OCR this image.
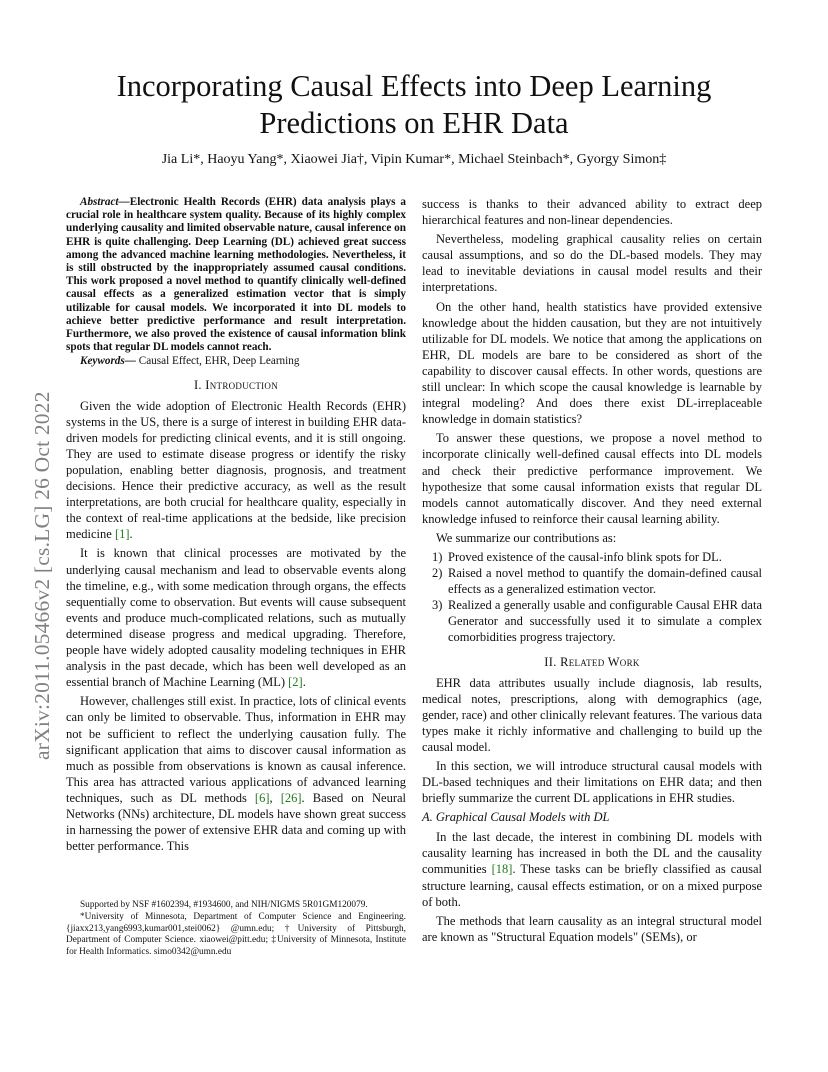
arXiv:2011.05466v2 [cs.LG] 26 Oct 2022
Incorporating Causal Effects into Deep Learning
Predictions on EHR Data
Jia Li*, Haoyu Yang*, Xiaowei Jia†, Vipin Kumar*, Michael Steinbach*, Gyorgy Simon‡

Abstract—Electronic Health Records (EHR) data analysis plays a crucial role in healthcare system quality. Because of its highly complex underlying causality and limited observable nature, causal inference on EHR is quite challenging. Deep Learning (DL) achieved great success among the advanced machine learning methodologies. Nevertheless, it is still obstructed by the inappropriately assumed causal conditions. This work proposed a novel method to quantify clinically well-defined causal effects as a generalized estimation vector that is simply utilizable for causal models. We incorporated it into DL models to achieve better predictive performance and result interpretation. Furthermore, we also proved the existence of causal information blink spots that regular DL models cannot reach.

Keywords— Causal Effect, EHR, Deep Learning

I. Introduction

Given the wide adoption of Electronic Health Records (EHR) systems in the US, there is a surge of interest in building EHR data-driven models for predicting clinical events, and it is still ongoing. They are used to estimate disease progress or identify the risky population, enabling better diagnosis, prognosis, and treatment decisions. Hence their predictive accuracy, as well as the result interpretations, are both crucial for healthcare quality, especially in the context of real-time applications at the bedside, like precision medicine [1].

It is known that clinical processes are motivated by the underlying causal mechanism and lead to observable events along the timeline, e.g., with some medication through organs, the effects sequentially come to observation. But events will cause subsequent events and produce much-complicated relations, such as mutually determined disease progress and medical upgrading. Therefore, people have widely adopted causality modeling techniques in EHR analysis in the past decade, which has been well developed as an essential branch of Machine Learning (ML) [2].

However, challenges still exist. In practice, lots of clinical events can only be limited to observable. Thus, information in EHR may not be sufficient to reflect the underlying causation fully. The significant application that aims to discover causal information as much as possible from observations is known as causal inference. This area has attracted various applications of advanced learning techniques, such as DL methods [6], [26]. Based on Neural Networks (NNs) architecture, DL models have shown great success in harnessing the power of extensive EHR data and coming up with better performance. This

Supported by NSF #1602394, #1934600, and NIH/NIGMS 5R01GM120079.

*University of Minnesota, Department of Computer Science and Engineering. {jiaxx213,yang6993,kumar001,stei0062} @umn.edu; †University of Pittsburgh, Department of Computer Science. xiaowei@pitt.edu; ‡University of Minnesota, Institute for Health Informatics. simo0342@umn.edu

success is thanks to their advanced ability to extract deep hierarchical features and non-linear dependencies.

Nevertheless, modeling graphical causality relies on certain causal assumptions, and so do the DL-based models. They may lead to inevitable deviations in causal model results and their interpretations.

On the other hand, health statistics have provided extensive knowledge about the hidden causation, but they are not intuitively utilizable for DL models. We notice that among the applications on EHR, DL models are bare to be considered as short of the capability to discover causal effects. In other words, questions are still unclear: In which scope the causal knowledge is learnable by integral modeling? And does there exist DL-irreplaceable knowledge in domain statistics?

To answer these questions, we propose a novel method to incorporate clinically well-defined causal effects into DL models and check their predictive performance improvement. We hypothesize that some causal information exists that regular DL models cannot automatically discover. And they need external knowledge infused to reinforce their causal learning ability.

We summarize our contributions as:

1) Proved existence of the causal-info blink spots for DL.
2) Raised a novel method to quantify the domain-defined causal effects as a generalized estimation vector.
3) Realized a generally usable and configurable Causal EHR data Generator and successfully used it to simulate a complex comorbidities progress trajectory.
II. Related Work

EHR data attributes usually include diagnosis, lab results, medical notes, prescriptions, along with demographics (age, gender, race) and other clinically relevant features. The various data types make it richly informative and challenging to build up the causal model.

In this section, we will introduce structural causal models with DL-based techniques and their limitations on EHR data; and then briefly summarize the current DL applications in EHR studies.

A. Graphical Causal Models with DL

In the last decade, the interest in combining DL models with causality learning has increased in both the DL and the causality communities [18]. These tasks can be briefly classified as causal structure learning, causal effects estimation, or on a mixed purpose of both.

The methods that learn causality as an integral structural model are known as "Structural Equation models" (SEMs), or
